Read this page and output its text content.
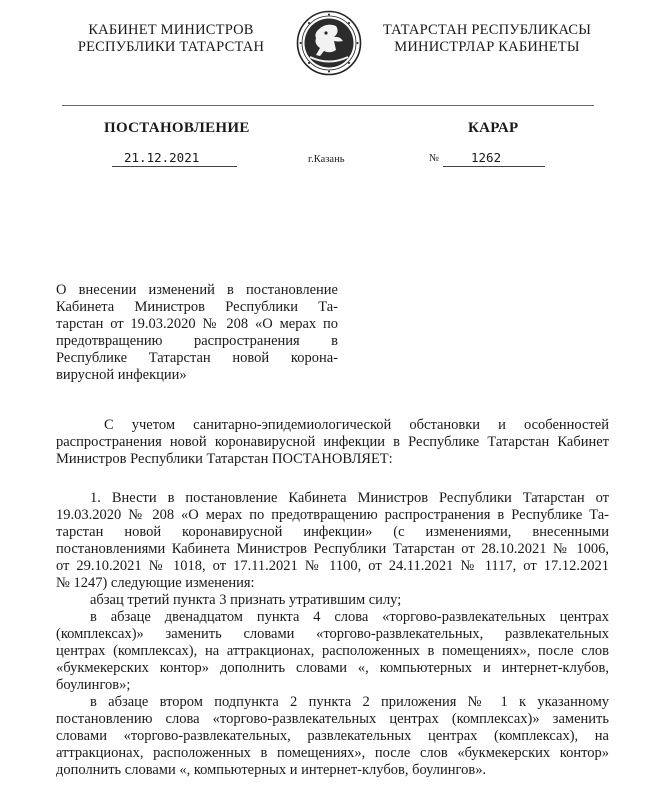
КАБИНЕТ МИНИСТРОВ
РЕСПУБЛИКИ ТАТАРСТАН
ТАТАРСТАН РЕСПУБЛИКАСЫ
МИНИСТРЛАР КАБИНЕТЫ
ПОСТАНОВЛЕНИЕ	КАРАР
21.12.2021	г.Казань	№	1262
О внесении изменений в постановление
Кабинета Министров Республики Та-
тарстан от 19.03.2020 № 208 «О мерах по
предотвращению распространения в
Республике Татарстан новой корона-
вирусной инфекции»
С учетом санитарно-эпидемиологической обстановки и особенностей
распространения новой коронавирусной инфекции в Республике Татарстан Кабинет
Министров Республики Татарстан ПОСТАНОВЛЯЕТ:
1. Внести в постановление Кабинета Министров Республики Татарстан от
19.03.2020 № 208 «О мерах по предотвращению распространения в Республике Та-
тарстан новой коронавирусной инфекции» (с изменениями, внесенными
постановлениями Кабинета Министров Республики Татарстан от 28.10.2021 № 1006,
от 29.10.2021 № 1018, от 17.11.2021 № 1100, от 24.11.2021 № 1117, от 17.12.2021
№ 1247) следующие изменения:
абзац третий пункта 3 признать утратившим силу;
в абзаце двенадцатом пункта 4 слова «торгово-развлекательных центрах
(комплексах)» заменить словами «торгово-развлекательных, развлекательных
центрах (комплексах), на аттракционах, расположенных в помещениях», после слов
«букмекерских контор» дополнить словами «, компьютерных и интернет-клубов,
боулингов»;
в абзаце втором подпункта 2 пункта 2 приложения № 1 к указанному
постановлению слова «торгово-развлекательных центрах (комплексах)» заменить
словами «торгово-развлекательных, развлекательных центрах (комплексах), на
аттракционах, расположенных в помещениях», после слов «букмекерских контор»
дополнить словами «, компьютерных и интернет-клубов, боулингов».
